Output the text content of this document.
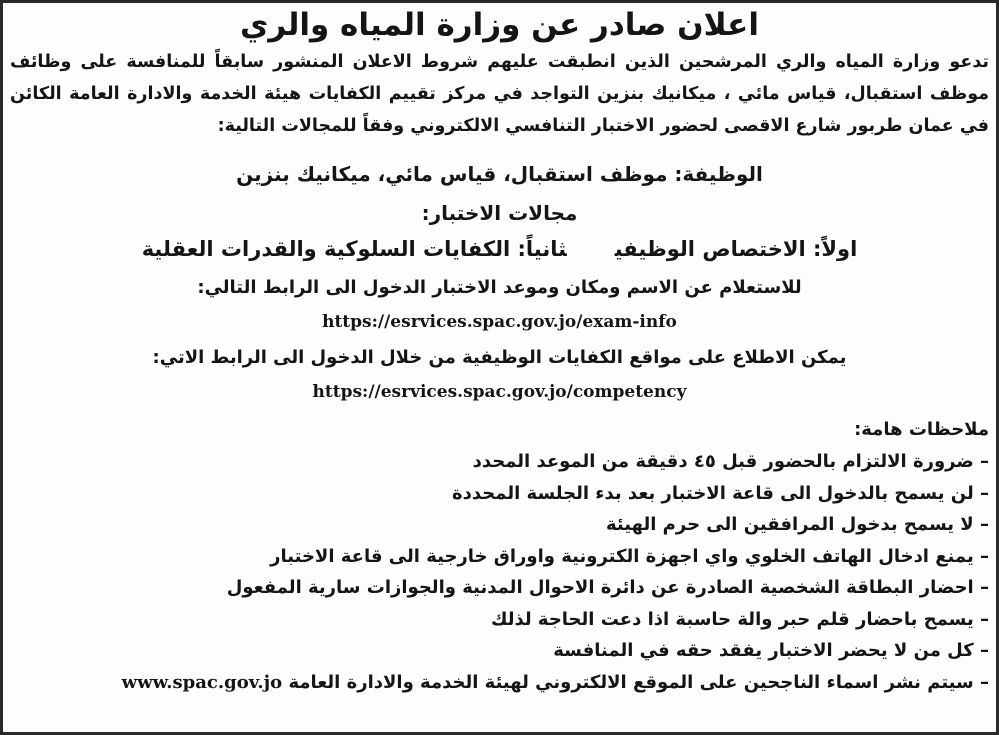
اعلان صادر عن وزارة المياه والري

تدعو وزارة المياه والري المرشحين الذين انطبقت عليهم شروط الاعلان المنشور سابقاً للمنافسة على وظائف موظف استقبال، قياس مائي ، ميكانيك بنزين التواجد في مركز تقييم الكفايات هيئة الخدمة والادارة العامة الكائن في عمان طربور شارع الاقصى لحضور الاختبار التنافسي الالكتروني وفقاً للمجالات التالية:

الوظيفة: موظف استقبال، قياس مائي، ميكانيك بنزين

مجالات الاختبار:

اولاً: الاختصاص الوظيفيثانياً: الكفايات السلوكية والقدرات العقلية

للاستعلام عن الاسم ومكان وموعد الاختبار الدخول الى الرابط التالي:

https://esrvices.spac.gov.jo/exam-info

يمكن الاطلاع على مواقع الكفايات الوظيفية من خلال الدخول الى الرابط الاتي:

https://esrvices.spac.gov.jo/competency

ملاحظات هامة:

– ضرورة الالتزام بالحضور قبل ٤٥ دقيقة من الموعد المحدد
– لن يسمح بالدخول الى قاعة الاختبار بعد بدء الجلسة المحددة
– لا يسمح بدخول المرافقين الى حرم الهيئة
– يمنع ادخال الهاتف الخلوي واي اجهزة الكترونية واوراق خارجية الى قاعة الاختبار
– احضار البطاقة الشخصية الصادرة عن دائرة الاحوال المدنية والجوازات سارية المفعول
– يسمح باحضار قلم حبر والة حاسبة اذا دعت الحاجة لذلك
– كل من لا يحضر الاختبار يفقد حقه في المنافسة
– سيتم نشر اسماء الناجحين على الموقع الالكتروني لهيئة الخدمة والادارة العامة www.spac.gov.jo
